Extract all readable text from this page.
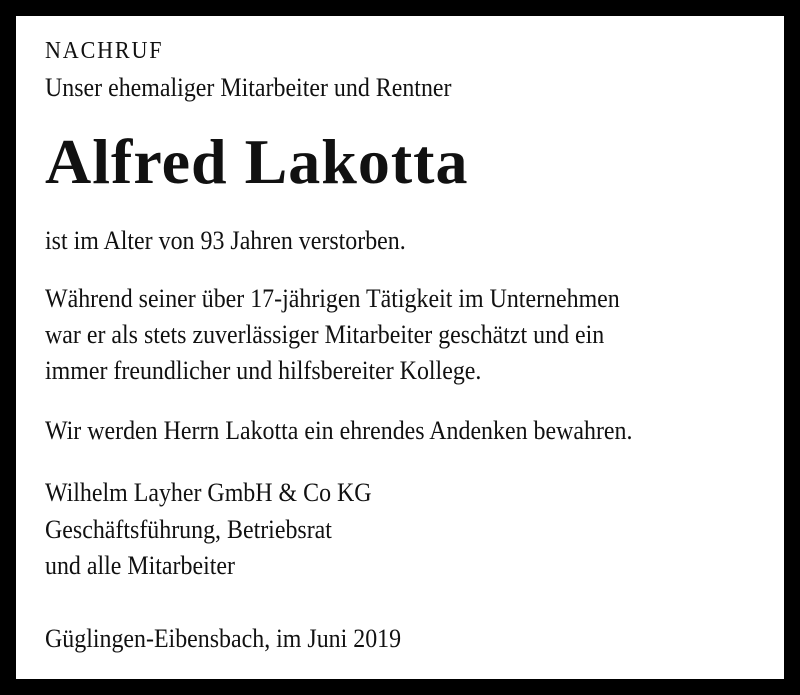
NACHRUF
Unser ehemaliger Mitarbeiter und Rentner
Alfred Lakotta
ist im Alter von 93 Jahren verstorben.
Während seiner über 17-jährigen Tätigkeit im Unternehmen
war er als stets zuverlässiger Mitarbeiter geschätzt und ein
immer freundlicher und hilfsbereiter Kollege.
Wir werden Herrn Lakotta ein ehrendes Andenken bewahren.
Wilhelm Layher GmbH & Co KG
Geschäftsführung, Betriebsrat
und alle Mitarbeiter
Güglingen-Eibensbach, im Juni 2019
